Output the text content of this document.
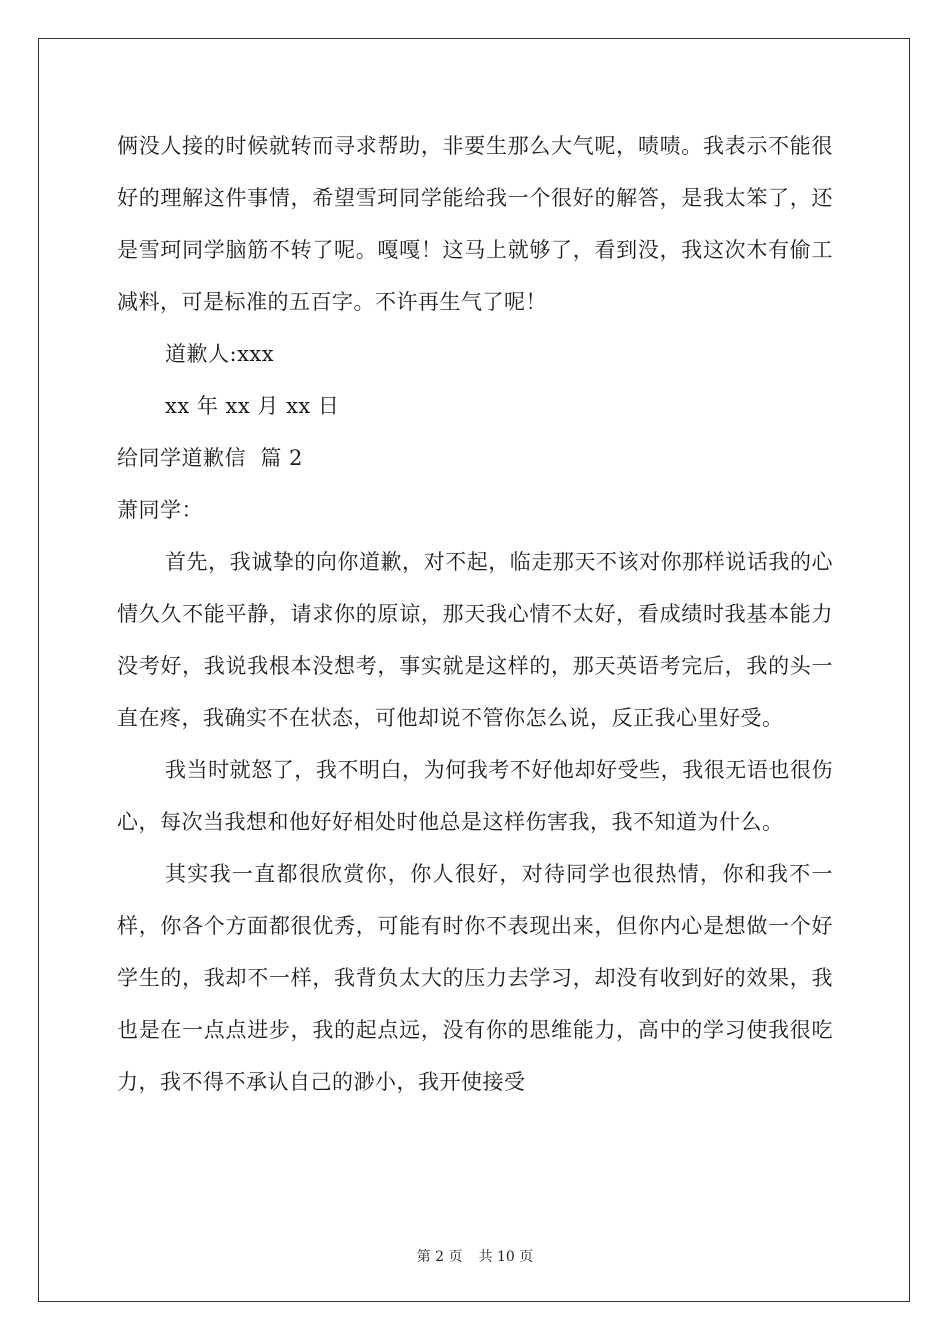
俩没人接的时候就转而寻求帮助，非要生那么大气呢，啧啧。我表示不能很好的理解这件事情，希望雪珂同学能给我一个很好的解答，是我太笨了，还是雪珂同学脑筋不转了呢。嘎嘎！这马上就够了，看到没，我这次木有偷工减料，可是标准的五百字。不许再生气了呢！

道歉人:xxx

xx 年 xx 月 xx 日

给同学道歉信  篇 2

萧同学：

首先，我诚挚的向你道歉，对不起，临走那天不该对你那样说话我的心情久久不能平静，请求你的原谅，那天我心情不太好，看成绩时我基本能力没考好，我说我根本没想考，事实就是这样的，那天英语考完后，我的头一直在疼，我确实不在状态，可他却说不管你怎么说，反正我心里好受。

我当时就怒了，我不明白，为何我考不好他却好受些，我很无语也很伤心，每次当我想和他好好相处时他总是这样伤害我，我不知道为什么。

其实我一直都很欣赏你，你人很好，对待同学也很热情，你和我不一样，你各个方面都很优秀，可能有时你不表现出来，但你内心是想做一个好学生的，我却不一样，我背负太大的压力去学习，却没有收到好的效果，我也是在一点点进步，我的起点远，没有你的思维能力，高中的学习使我很吃力，我不得不承认自己的渺小，我开使接受

第 2 页 共 10 页
